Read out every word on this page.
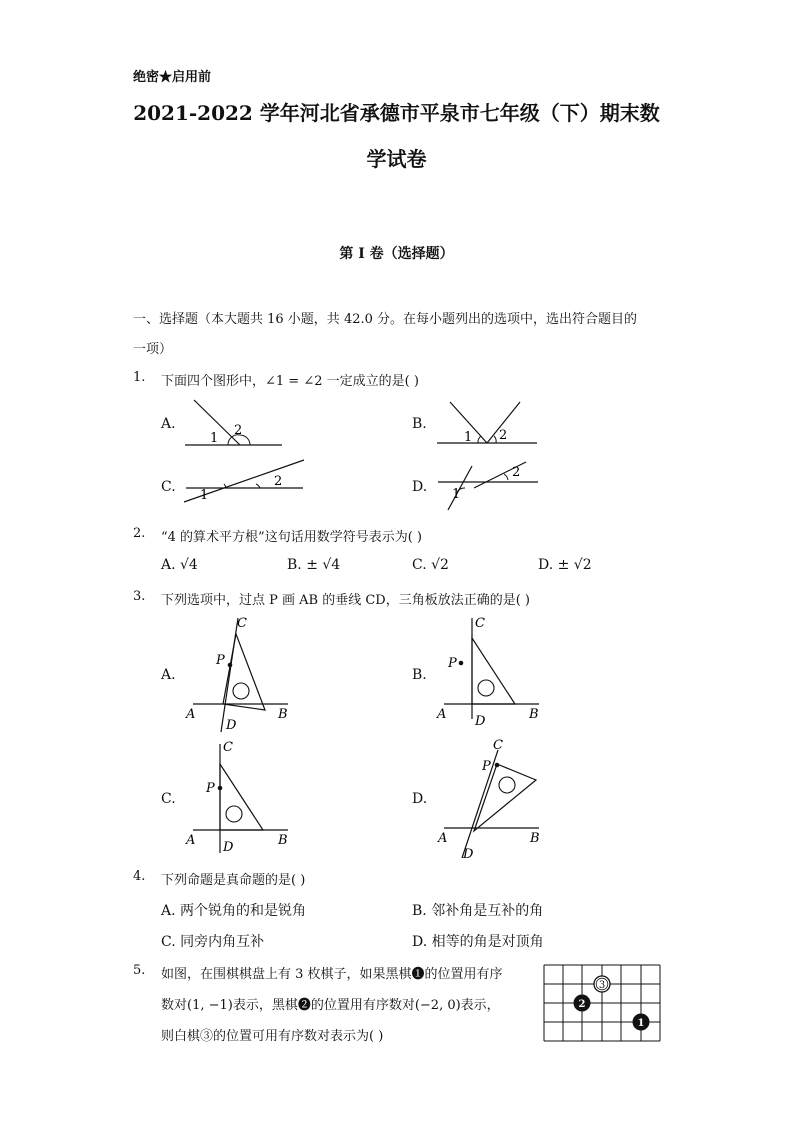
绝密★启用前
2021-2022 学年河北省承德市平泉市七年级（下）期末数
学试卷
第 I 卷（选择题）
一、选择题（本大题共 16 小题，共 42.0 分。在每小题列出的选项中，选出符合题目的
一项）
1. 下面四个图形中，∠1 = ∠2 一定成立的是( )
A.	B.
C.	D.
1
2	1 2
1
2
1
2
2. “4 的算术平方根”这句话用数学符号表示为( )
A. √4	B. ± √4	C. √2	D. ± √2
3. 下列选项中，过点 P 画 AB 的垂线 CD，三角板放法正确的是( )
A.	B.
C.	D.
C
P
A
D
B
C
P
A D	B
C
P
A D	B
C
P
A
D
B
4. 下列命题是真命题的是( )
A. 两个锐角的和是锐角	B. 邻补角是互补的角
C. 同旁内角互补	D. 相等的角是对顶角
5. 如图，在围棋棋盘上有 3 枚棋子，如果黑棋❶的位置用有序
数对(1, −1)表示，黑棋❷的位置用有序数对(−2, 0)表示，
则白棋③的位置可用有序数对表示为( )
3
2
1
